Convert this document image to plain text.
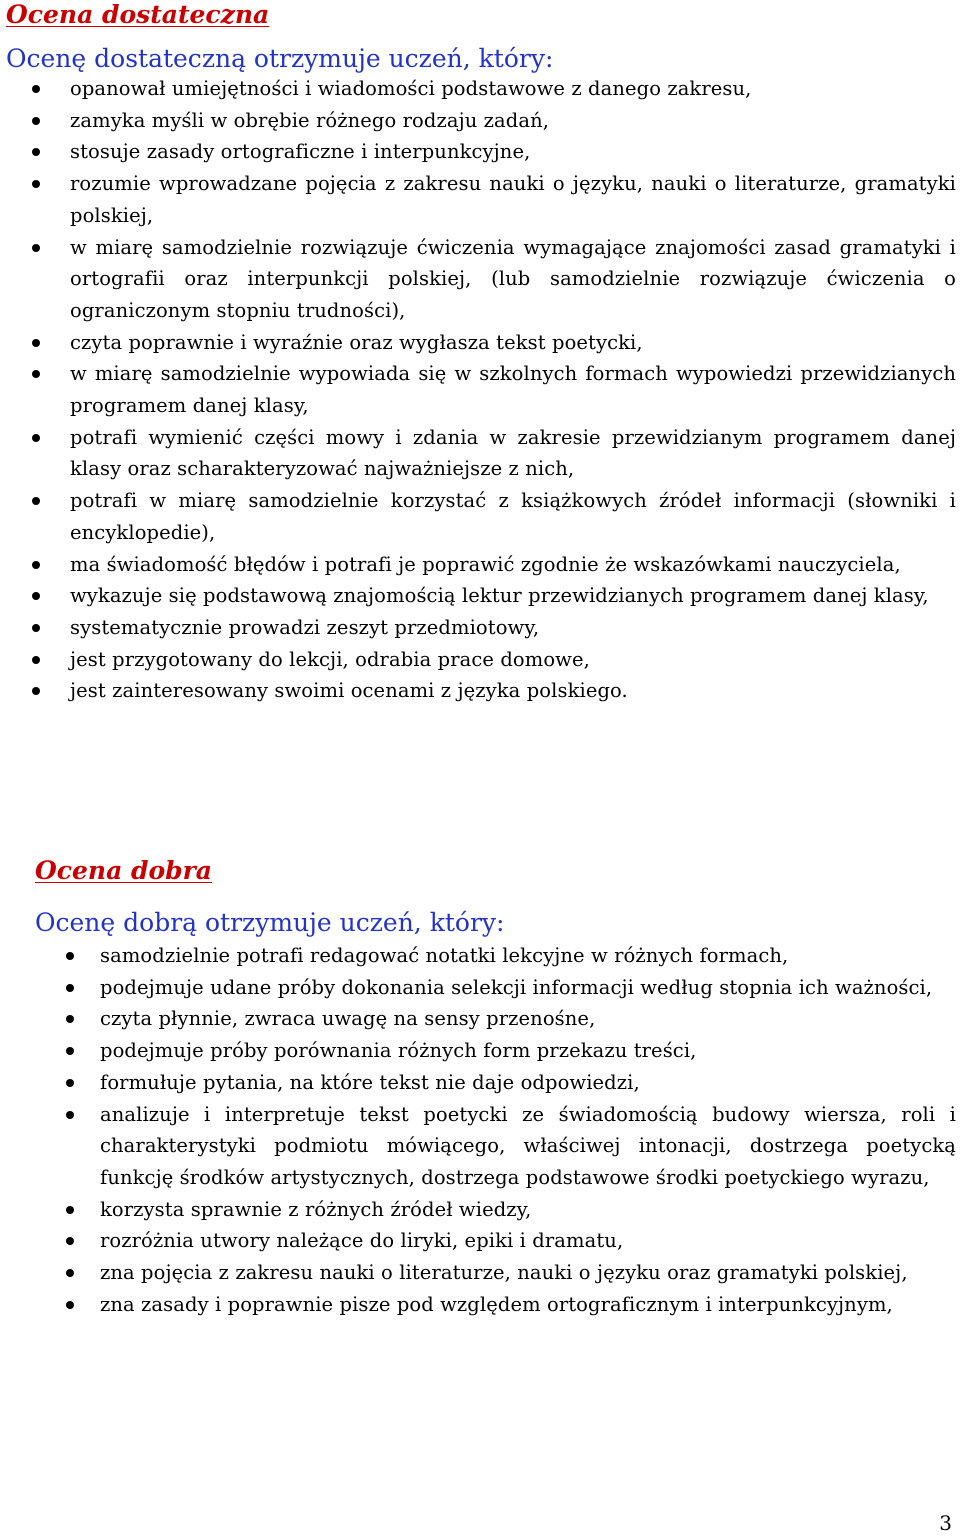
Ocena dostateczna

Ocenę dostateczną otrzymuje uczeń, który:

opanował umiejętności i wiadomości podstawowe z danego zakresu,
zamyka myśli w obrębie różnego rodzaju zadań,
stosuje zasady ortograficzne i interpunkcyjne,
rozumie wprowadzane pojęcia z zakresu nauki o języku, nauki o literaturze, gramatyki polskiej,
w miarę samodzielnie rozwiązuje ćwiczenia wymagające znajomości zasad gramatyki i ortografii oraz interpunkcji polskiej, (lub samodzielnie rozwiązuje ćwiczenia o ograniczonym stopniu trudności),
czyta poprawnie i wyraźnie oraz wygłasza tekst poetycki,
w miarę samodzielnie wypowiada się w szkolnych formach wypowiedzi przewidzianych programem danej klasy,
potrafi wymienić części mowy i zdania w zakresie przewidzianym programem danej klasy oraz scharakteryzować najważniejsze z nich,
potrafi w miarę samodzielnie korzystać z książkowych źródeł informacji (słowniki i encyklopedie),
ma świadomość błędów i potrafi je poprawić zgodnie że wskazówkami nauczyciela,
wykazuje się podstawową znajomością lektur przewidzianych programem danej klasy,
systematycznie prowadzi zeszyt przedmiotowy,
jest przygotowany do lekcji, odrabia prace domowe,
jest zainteresowany swoimi ocenami z języka polskiego.
Ocena dobra

Ocenę dobrą otrzymuje uczeń, który:

samodzielnie potrafi redagować notatki lekcyjne w różnych formach,
podejmuje udane próby dokonania selekcji informacji według stopnia ich ważności,
czyta płynnie, zwraca uwagę na sensy przenośne,
podejmuje próby porównania różnych form przekazu treści,
formułuje pytania, na które tekst nie daje odpowiedzi,
analizuje i interpretuje tekst poetycki ze świadomością budowy wiersza, roli i charakterystyki podmiotu mówiącego, właściwej intonacji, dostrzega poetycką funkcję środków artystycznych, dostrzega podstawowe środki poetyckiego wyrazu,
korzysta sprawnie z różnych źródeł wiedzy,
rozróżnia utwory należące do liryki, epiki i dramatu,
zna pojęcia z zakresu nauki o literaturze, nauki o języku oraz gramatyki polskiej,
zna zasady i poprawnie pisze pod względem ortograficznym i interpunkcyjnym,
3
